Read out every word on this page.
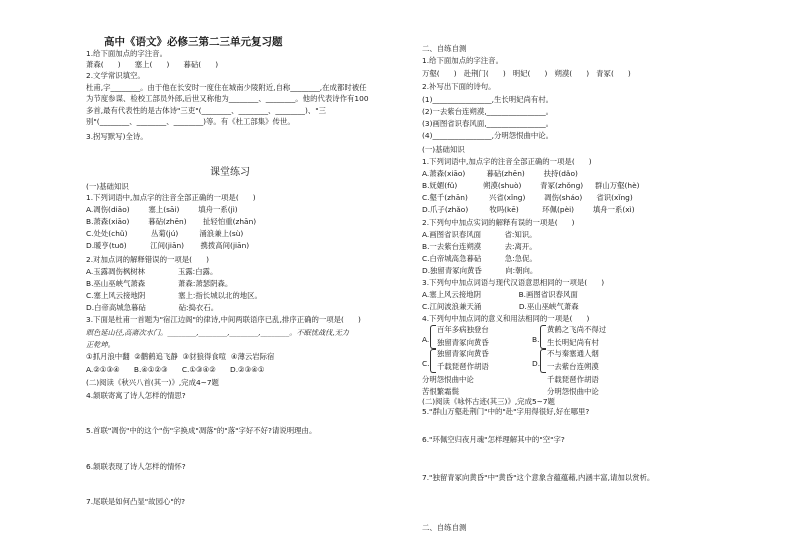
高中《语文》必修三第二三单元复习题
1.给下面加点的字注音。
萧森(      )      塞上(      )      暮砧(      )
2.文学常识填空。
杜甫,字________。由于他在长安时一度住在城南少陵附近,自称________,在成都时被任
为节度参谋、检校工部员外郎,后世又称他为________、________。他的代表诗作有100
多首,最有代表性的是古体诗"三吏"(________、________、________)、"三
别"(________、________、________)等。有《杜工部集》传世。
3.拐写默写)全诗。
课堂练习
(一)基础知识
1.下列词语中,加点字的注音全部正确的一项是(      )
A.凋伤(diāo)        塞上(sāi)        填舟一系(jì)
B.萧森(xiāo)        暮砧(zhēn)       扯轻怕重(zhān)
C.处处(chǔ)          丛菊(jú)         涌浪兼上(sù)
D.暖亨(tuō)          江间(jiān)       携拨高间(jiān)
2.对加点词的解释错误的一项是(      )
A.玉露凋伤枫树林              玉露:白露。
B.巫山巫峡气萧森              萧森:萧瑟阴森。
C.塞上风云接地阴              塞上:指长城以北的地区。
D.白帝高城急暮砧              砧:捣衣石。
3.下面是杜甫一首题为"宿江边阁"的律诗,中间两联语序已乱,排序正确的一项是(      )
暝色延山径,高斋次水门。________,________,________,________。不眠忧战伐,无力
正乾坤。
①抓月浪中翻  ②鹳鹤追飞静  ③豺狼得食喧  ④薄云岩际宿
A.②①③④      B.④①②③      C.①③④②      D.②③④①
(二)阅读《秋兴八首(其一)》,完成4~7题
4.颔联寄寓了诗人怎样的情思?
5.首联"凋伤"中的这个"伤"字换成"凋落"的"落"字好不好?请说明理由。
6.颔联表现了诗人怎样的情怀?
7.尾联是如何凸显"故园心"的?
二、自练自测
1.给下面加点的字注音。
万壑(      )   赴荆门(      )   明妃(      )   朔漠(      )   青冢(      )
2.补写出下面的诗句。
(1)________________,生长明妃尚有村。
(2)一去紫台连朔漠,________________。
(3)画图省识春风面,________________。
(4)________________,分明怨恨曲中论。
(一)基础知识
1.下列词语中,加点字的注音全部正确的一项是(      )
A.萧森(xiāo)         暮砧(zhēn)        扶持(dǎo)
B.妩媚(fǔ)           朔漠(shuò)        青冢(zhǒng)     群山万壑(hè)
C.壑千(zhān)         兴省(xǐng)        凋伤(sháo)      省识(xǐng)
D.爪子(zhǎo)         牧吗(kē)          环佩(pèi)        填舟一系(xì)
2.下列句中加点实词的解释有误的一项是(      )
A.画图省识春风面          省:知识。
B.一去紫台连朔漠          去:离开。
C.白帝城高急暮砧          急:急促。
D.独留青冢向黄昏          向:朝向。
3.下列句中加点词语与现代汉语意思相同的一项是(      )
A.塞上风云接地阴                B.画图省识春风面
C.江间波浪兼天涌                D.巫山巫峡气萧森
4.下列句中加点词的意义和用法相同的一项是(      )
A.
百年多病独登台
独留青冢向黄昏	B.
黄鹤之飞尚不得过
生长明妃尚有村
C.
独留青冢向黄昏
千载琵琶作胡语	D.
不与秦塞通人烟
一去紫台连朔漠
分明怨恨曲中论
苦恨繁霜鬓
千载琵琶作胡语
分明怨恨曲中论
(二)阅读《咏怀古迹(其三)》,完成5~7题
5."群山万壑赴荆门"中的"赴"字用得很好,好在哪里?
6."环佩空归夜月魂"怎样理解其中的"空"字?
7."独留青冢向黄昏"中"黄昏"这个意象含蕴蕴藉,内涵丰富,请加以赏析。
二、自练自测
